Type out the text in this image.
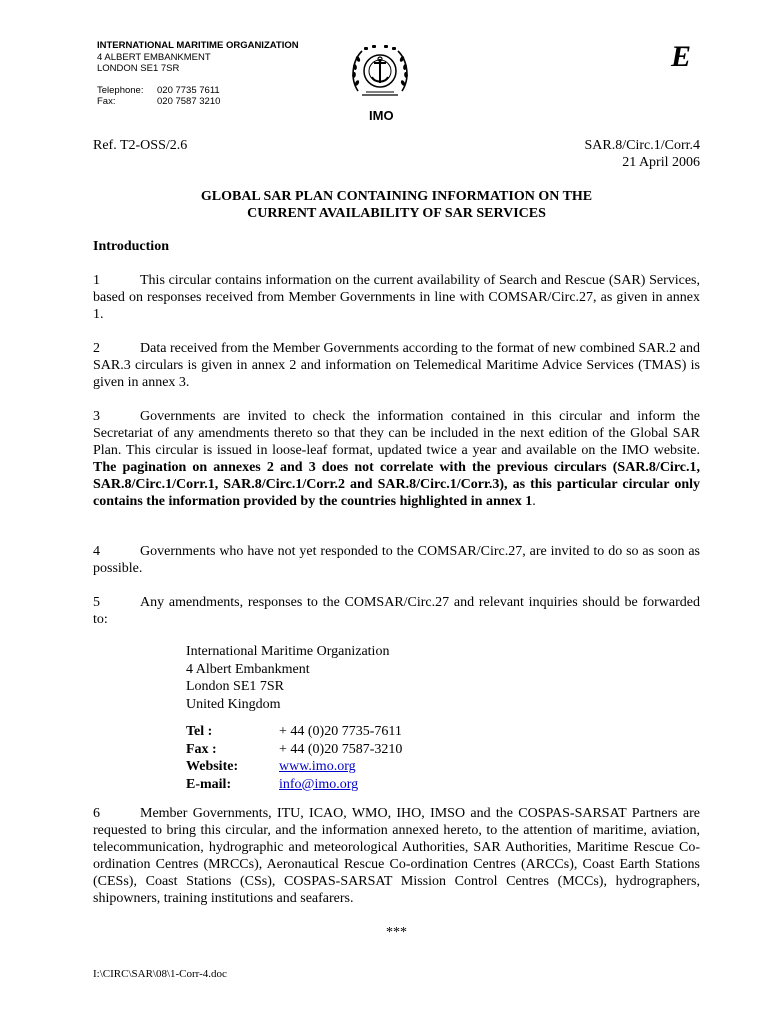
INTERNATIONAL MARITIME ORGANIZATION
4 ALBERT EMBANKMENT
LONDON SE1 7SR
Telephone: 020 7735 7611
Fax:	020 7587 3210
IMO
E
Ref. T2-OSS/2.6	SAR.8/Circ.1/Corr.4
21 April 2006
GLOBAL SAR PLAN CONTAINING INFORMATION ON THE
CURRENT AVAILABILITY OF SAR SERVICES
Introduction

1	This circular contains information on the current availability of Search and Rescue (SAR) Services, based on responses received from Member Governments in line with COMSAR/Circ.27, as given in annex 1.

2	Data received from the Member Governments according to the format of new combined SAR.2 and SAR.3 circulars is given in annex 2 and information on Telemedical Maritime Advice Services (TMAS) is given in annex 3.

3	Governments are invited to check the information contained in this circular and inform the Secretariat of any amendments thereto so that they can be included in the next edition of the Global SAR Plan. This circular is issued in loose-leaf format, updated twice a year and available on the IMO website. The pagination on annexes 2 and 3 does not correlate with the previous circulars (SAR.8/Circ.1, SAR.8/Circ.1/Corr.1, SAR.8/Circ.1/Corr.2 and SAR.8/Circ.1/Corr.3), as this particular circular only contains the information provided by the countries highlighted in annex 1.

4	Governments who have not yet responded to the COMSAR/Circ.27, are invited to do so as soon as possible.

5	Any amendments, responses to the COMSAR/Circ.27 and relevant inquiries should be forwarded to:

International Maritime Organization
4 Albert Embankment
London SE1 7SR
United Kingdom
Tel :	+ 44 (0)20 7735-7611
Fax :	+ 44 (0)20 7587-3210
Website:	www.imo.org
E-mail:	info@imo.org

6	Member Governments, ITU, ICAO, WMO, IHO, IMSO and the COSPAS-SARSAT Partners are requested to bring this circular, and the information annexed hereto, to the attention of maritime, aviation, telecommunication, hydrographic and meteorological Authorities, SAR Authorities, Maritime Rescue Co-ordination Centres (MRCCs), Aeronautical Rescue Co-ordination Centres (ARCCs), Coast Earth Stations (CESs), Coast Stations (CSs), COSPAS-SARSAT Mission Control Centres (MCCs), hydrographers, shipowners, training institutions and seafarers.

***
I:\CIRC\SAR\08\1-Corr-4.doc
